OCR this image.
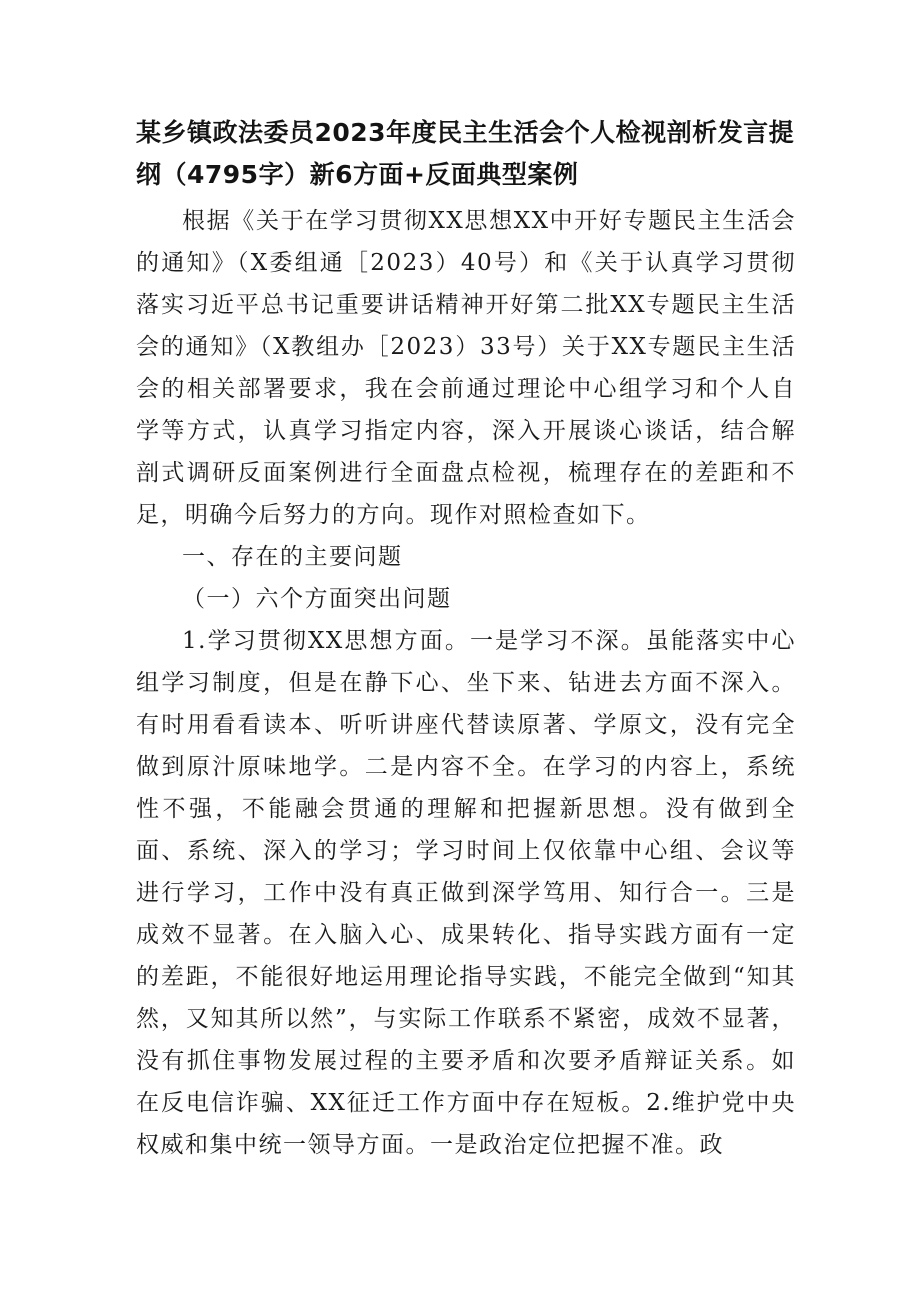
某乡镇政法委员2023年度民主生活会个人检视剖析发言提纲（4795字）新6方面+反面典型案例

根据《关于在学习贯彻XX思想XX中开好专题民主生活会的通知》（X委组通［2023）40号）和《关于认真学习贯彻落实习近平总书记重要讲话精神开好第二批XX专题民主生活会的通知》（X教组办［2023）33号）关于XX专题民主生活会的相关部署要求，我在会前通过理论中心组学习和个人自学等方式，认真学习指定内容，深入开展谈心谈话，结合解剖式调研反面案例进行全面盘点检视，梳理存在的差距和不足，明确今后努力的方向。现作对照检查如下。

一、存在的主要问题

（一）六个方面突出问题

1.学习贯彻XX思想方面。一是学习不深。虽能落实中心组学习制度，但是在静下心、坐下来、钻进去方面不深入。有时用看看读本、听听讲座代替读原著、学原文，没有完全做到原汁原味地学。二是内容不全。在学习的内容上，系统性不强，不能融会贯通的理解和把握新思想。没有做到全面、系统、深入的学习；学习时间上仅依靠中心组、会议等进行学习，工作中没有真正做到深学笃用、知行合一。三是成效不显著。在入脑入心、成果转化、指导实践方面有一定的差距，不能很好地运用理论指导实践，不能完全做到“知其然，又知其所以然”，与实际工作联系不紧密，成效不显著，没有抓住事物发展过程的主要矛盾和次要矛盾辩证关系。如在反电信诈骗、XX征迁工作方面中存在短板。2.维护党中央权威和集中统一领导方面。一是政治定位把握不准。政
